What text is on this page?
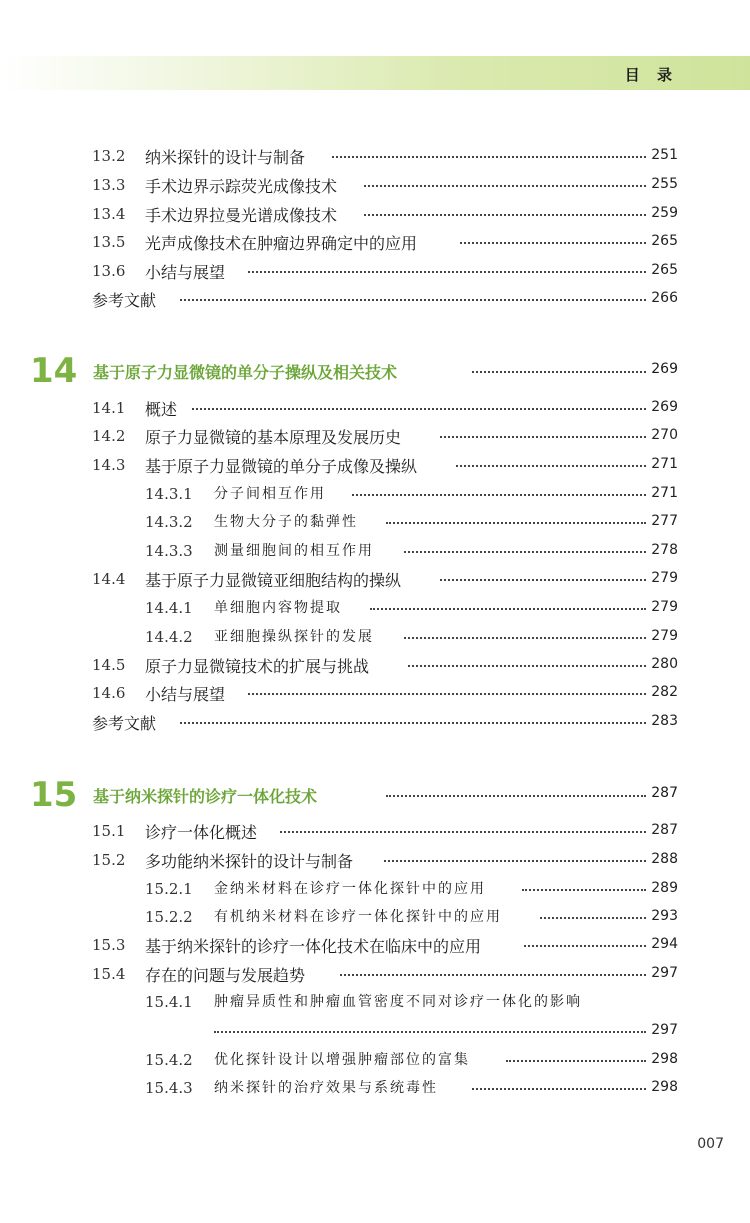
目 录
13.2 纳米探针的设计与制备	251
13.3 手术边界示踪荧光成像技术	255
13.4 手术边界拉曼光谱成像技术	259
13.5 光声成像技术在肿瘤边界确定中的应用	265
13.6 小结与展望	265
参考文献	266
14 基于原子力显微镜的单分子操纵及相关技术	269
14.1 概述	269
14.2 原子力显微镜的基本原理及发展历史	270
14.3 基于原子力显微镜的单分子成像及操纵	271
14.3.1 分子间相互作用	271
14.3.2 生物大分子的黏弹性	277
14.3.3 测量细胞间的相互作用	278
14.4 基于原子力显微镜亚细胞结构的操纵	279
14.4.1 单细胞内容物提取	279
14.4.2 亚细胞操纵探针的发展	279
14.5 原子力显微镜技术的扩展与挑战	280
14.6 小结与展望	282
参考文献	283
15 基于纳米探针的诊疗一体化技术	287
15.1 诊疗一体化概述	287
15.2 多功能纳米探针的设计与制备	288
15.2.1 金纳米材料在诊疗一体化探针中的应用	289
15.2.2 有机纳米材料在诊疗一体化探针中的应用	293
15.3 基于纳米探针的诊疗一体化技术在临床中的应用	294
15.4 存在的问题与发展趋势	297
15.4.1 肿瘤异质性和肿瘤血管密度不同对诊疗一体化的影响
297
15.4.2 优化探针设计以增强肿瘤部位的富集	298
15.4.3 纳米探针的治疗效果与系统毒性	298
007
